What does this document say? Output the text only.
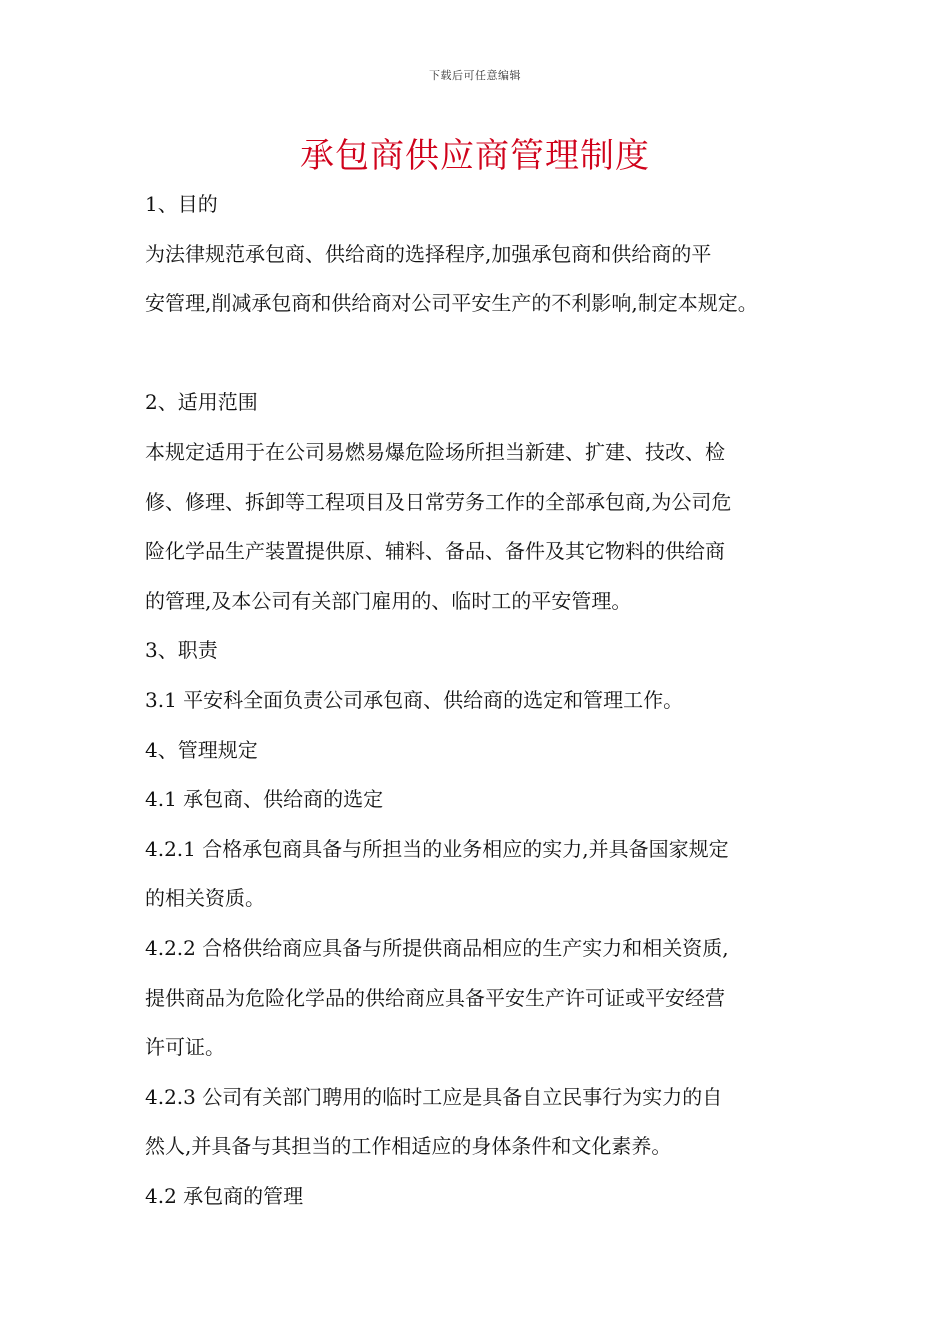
下载后可任意编辑
承包商供应商管理制度

1、目的

为法律规范承包商、供给商的选择程序,加强承包商和供给商的平

安管理,削减承包商和供给商对公司平安生产的不利影响,制定本规定。

2、适用范围

本规定适用于在公司易燃易爆危险场所担当新建、扩建、技改、检

修、修理、拆卸等工程项目及日常劳务工作的全部承包商,为公司危

险化学品生产装置提供原、辅料、备品、备件及其它物料的供给商

的管理,及本公司有关部门雇用的、临时工的平安管理。

3、职责

3.1 平安科全面负责公司承包商、供给商的选定和管理工作。

4、管理规定

4.1 承包商、供给商的选定

4.2.1 合格承包商具备与所担当的业务相应的实力,并具备国家规定

的相关资质。

4.2.2 合格供给商应具备与所提供商品相应的生产实力和相关资质,

提供商品为危险化学品的供给商应具备平安生产许可证或平安经营

许可证。

4.2.3 公司有关部门聘用的临时工应是具备自立民事行为实力的自

然人,并具备与其担当的工作相适应的身体条件和文化素养。

4.2 承包商的管理
